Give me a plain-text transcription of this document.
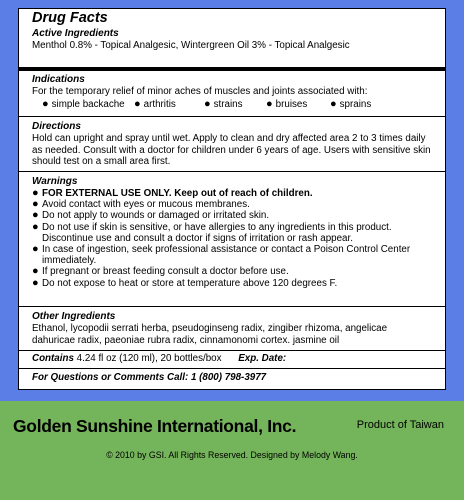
Drug Facts
Active Ingredients
Menthol 0.8% - Topical Analgesic, Wintergreen Oil 3% - Topical Analgesic
Indications
For the temporary relief of minor aches of muscles and joints associated with:
● simple backache ● arthritis	● strains	● bruises	● sprains
Directions
Hold can upright and spray until wet. Apply to clean and dry affected area 2 to 3 times daily as needed. Consult with a doctor for children under 6 years of age. Users with sensitive skin should test on a small area first.
Warnings
● FOR EXTERNAL USE ONLY. Keep out of reach of children.
● Avoid contact with eyes or mucous membranes.
● Do not apply to wounds or damaged or irritated skin.
● Do not use if skin is sensitive, or have allergies to any ingredients in this product. Discontinue use and consult a doctor if signs of irritation or rash appear.
● In case of ingestion, seek professional assistance or contact a Poison Control Center immediately.
● If pregnant or breast feeding consult a doctor before use.
● Do not expose to heat or store at temperature above 120 degrees F.
Other Ingredients
Ethanol, lycopodii serrati herba, pseudoginseng radix, zingiber rhizoma, angelicae dahuricae radix, paeoniae rubra radix, cinnamonomi cortex. jasmine oil
Contains 4.24 fl oz (120 ml), 20 bottles/box Exp. Date:
For Questions or Comments Call: 1 (800) 798-3977
Golden Sunshine International, Inc.	Product of Taiwan
© 2010 by GSI. All Rights Reserved. Designed by Melody Wang.
